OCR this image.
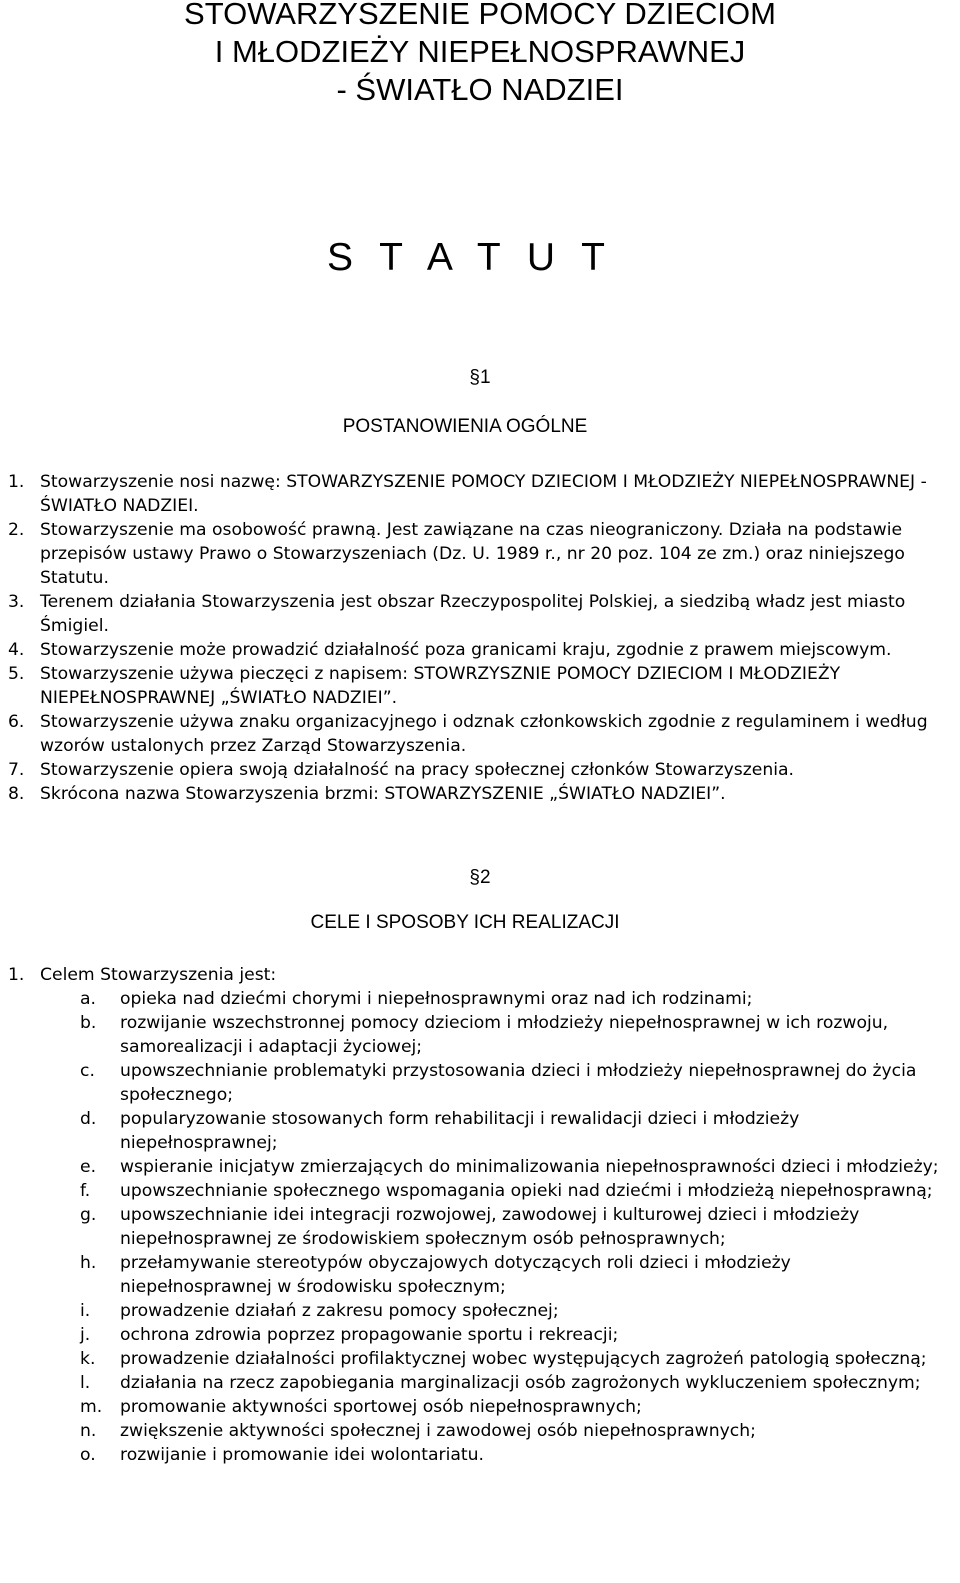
STOWARZYSZENIE POMOCY DZIECIOM
I MŁODZIEŻY NIEPEŁNOSPRAWNEJ
- ŚWIATŁO NADZIEI
S T A T U T
§1
POSTANOWIENIA OGÓLNE
1. Stowarzyszenie nosi nazwę: STOWARZYSZENIE POMOCY DZIECIOM I MŁODZIEŻY NIEPEŁNOSPRAWNEJ - ŚWIATŁO NADZIEI.
2. Stowarzyszenie ma osobowość prawną. Jest zawiązane na czas nieograniczony. Działa na podstawie przepisów ustawy Prawo o Stowarzyszeniach (Dz. U. 1989 r., nr 20 poz. 104 ze zm.) oraz niniejszego Statutu.
3. Terenem działania Stowarzyszenia jest obszar Rzeczypospolitej Polskiej, a siedzibą władz jest miasto Śmigiel.
4. Stowarzyszenie może prowadzić działalność poza granicami kraju, zgodnie z prawem miejscowym.
5. Stowarzyszenie używa pieczęci z napisem: STOWRZYSZNIE POMOCY DZIECIOM I MŁODZIEŻY NIEPEŁNOSPRAWNEJ „ŚWIATŁO NADZIEI”.
6. Stowarzyszenie używa znaku organizacyjnego i odznak członkowskich zgodnie z regulaminem i według wzorów ustalonych przez Zarząd Stowarzyszenia.
7. Stowarzyszenie opiera swoją działalność na pracy społecznej członków Stowarzyszenia.
8. Skrócona nazwa Stowarzyszenia brzmi: STOWARZYSZENIE „ŚWIATŁO NADZIEI”.
§2
CELE I SPOSOBY ICH REALIZACJI
1. Celem Stowarzyszenia jest:
a. opieka nad dziećmi chorymi i niepełnosprawnymi oraz nad ich rodzinami;
b. rozwijanie wszechstronnej pomocy dzieciom i młodzieży niepełnosprawnej w ich rozwoju, samorealizacji i adaptacji życiowej;
c. upowszechnianie problematyki przystosowania dzieci i młodzieży niepełnosprawnej do życia społecznego;
d. popularyzowanie stosowanych form rehabilitacji i rewalidacji dzieci i młodzieży niepełnosprawnej;
e. wspieranie inicjatyw zmierzających do minimalizowania niepełnosprawności dzieci i młodzieży;
f. upowszechnianie społecznego wspomagania opieki nad dziećmi i młodzieżą niepełnosprawną;
g. upowszechnianie idei integracji rozwojowej, zawodowej i kulturowej dzieci i młodzieży niepełnosprawnej ze środowiskiem społecznym osób pełnosprawnych;
h. przełamywanie stereotypów obyczajowych dotyczących roli dzieci i młodzieży niepełnosprawnej w środowisku społecznym;
i. prowadzenie działań z zakresu pomocy społecznej;
j. ochrona zdrowia poprzez propagowanie sportu i rekreacji;
k. prowadzenie działalności profilaktycznej wobec występujących zagrożeń patologią społeczną;
l. działania na rzecz zapobiegania marginalizacji osób zagrożonych wykluczeniem społecznym;
m. promowanie aktywności sportowej osób niepełnosprawnych;
n. zwiększenie aktywności społecznej i zawodowej osób niepełnosprawnych;
o. rozwijanie i promowanie idei wolontariatu.
